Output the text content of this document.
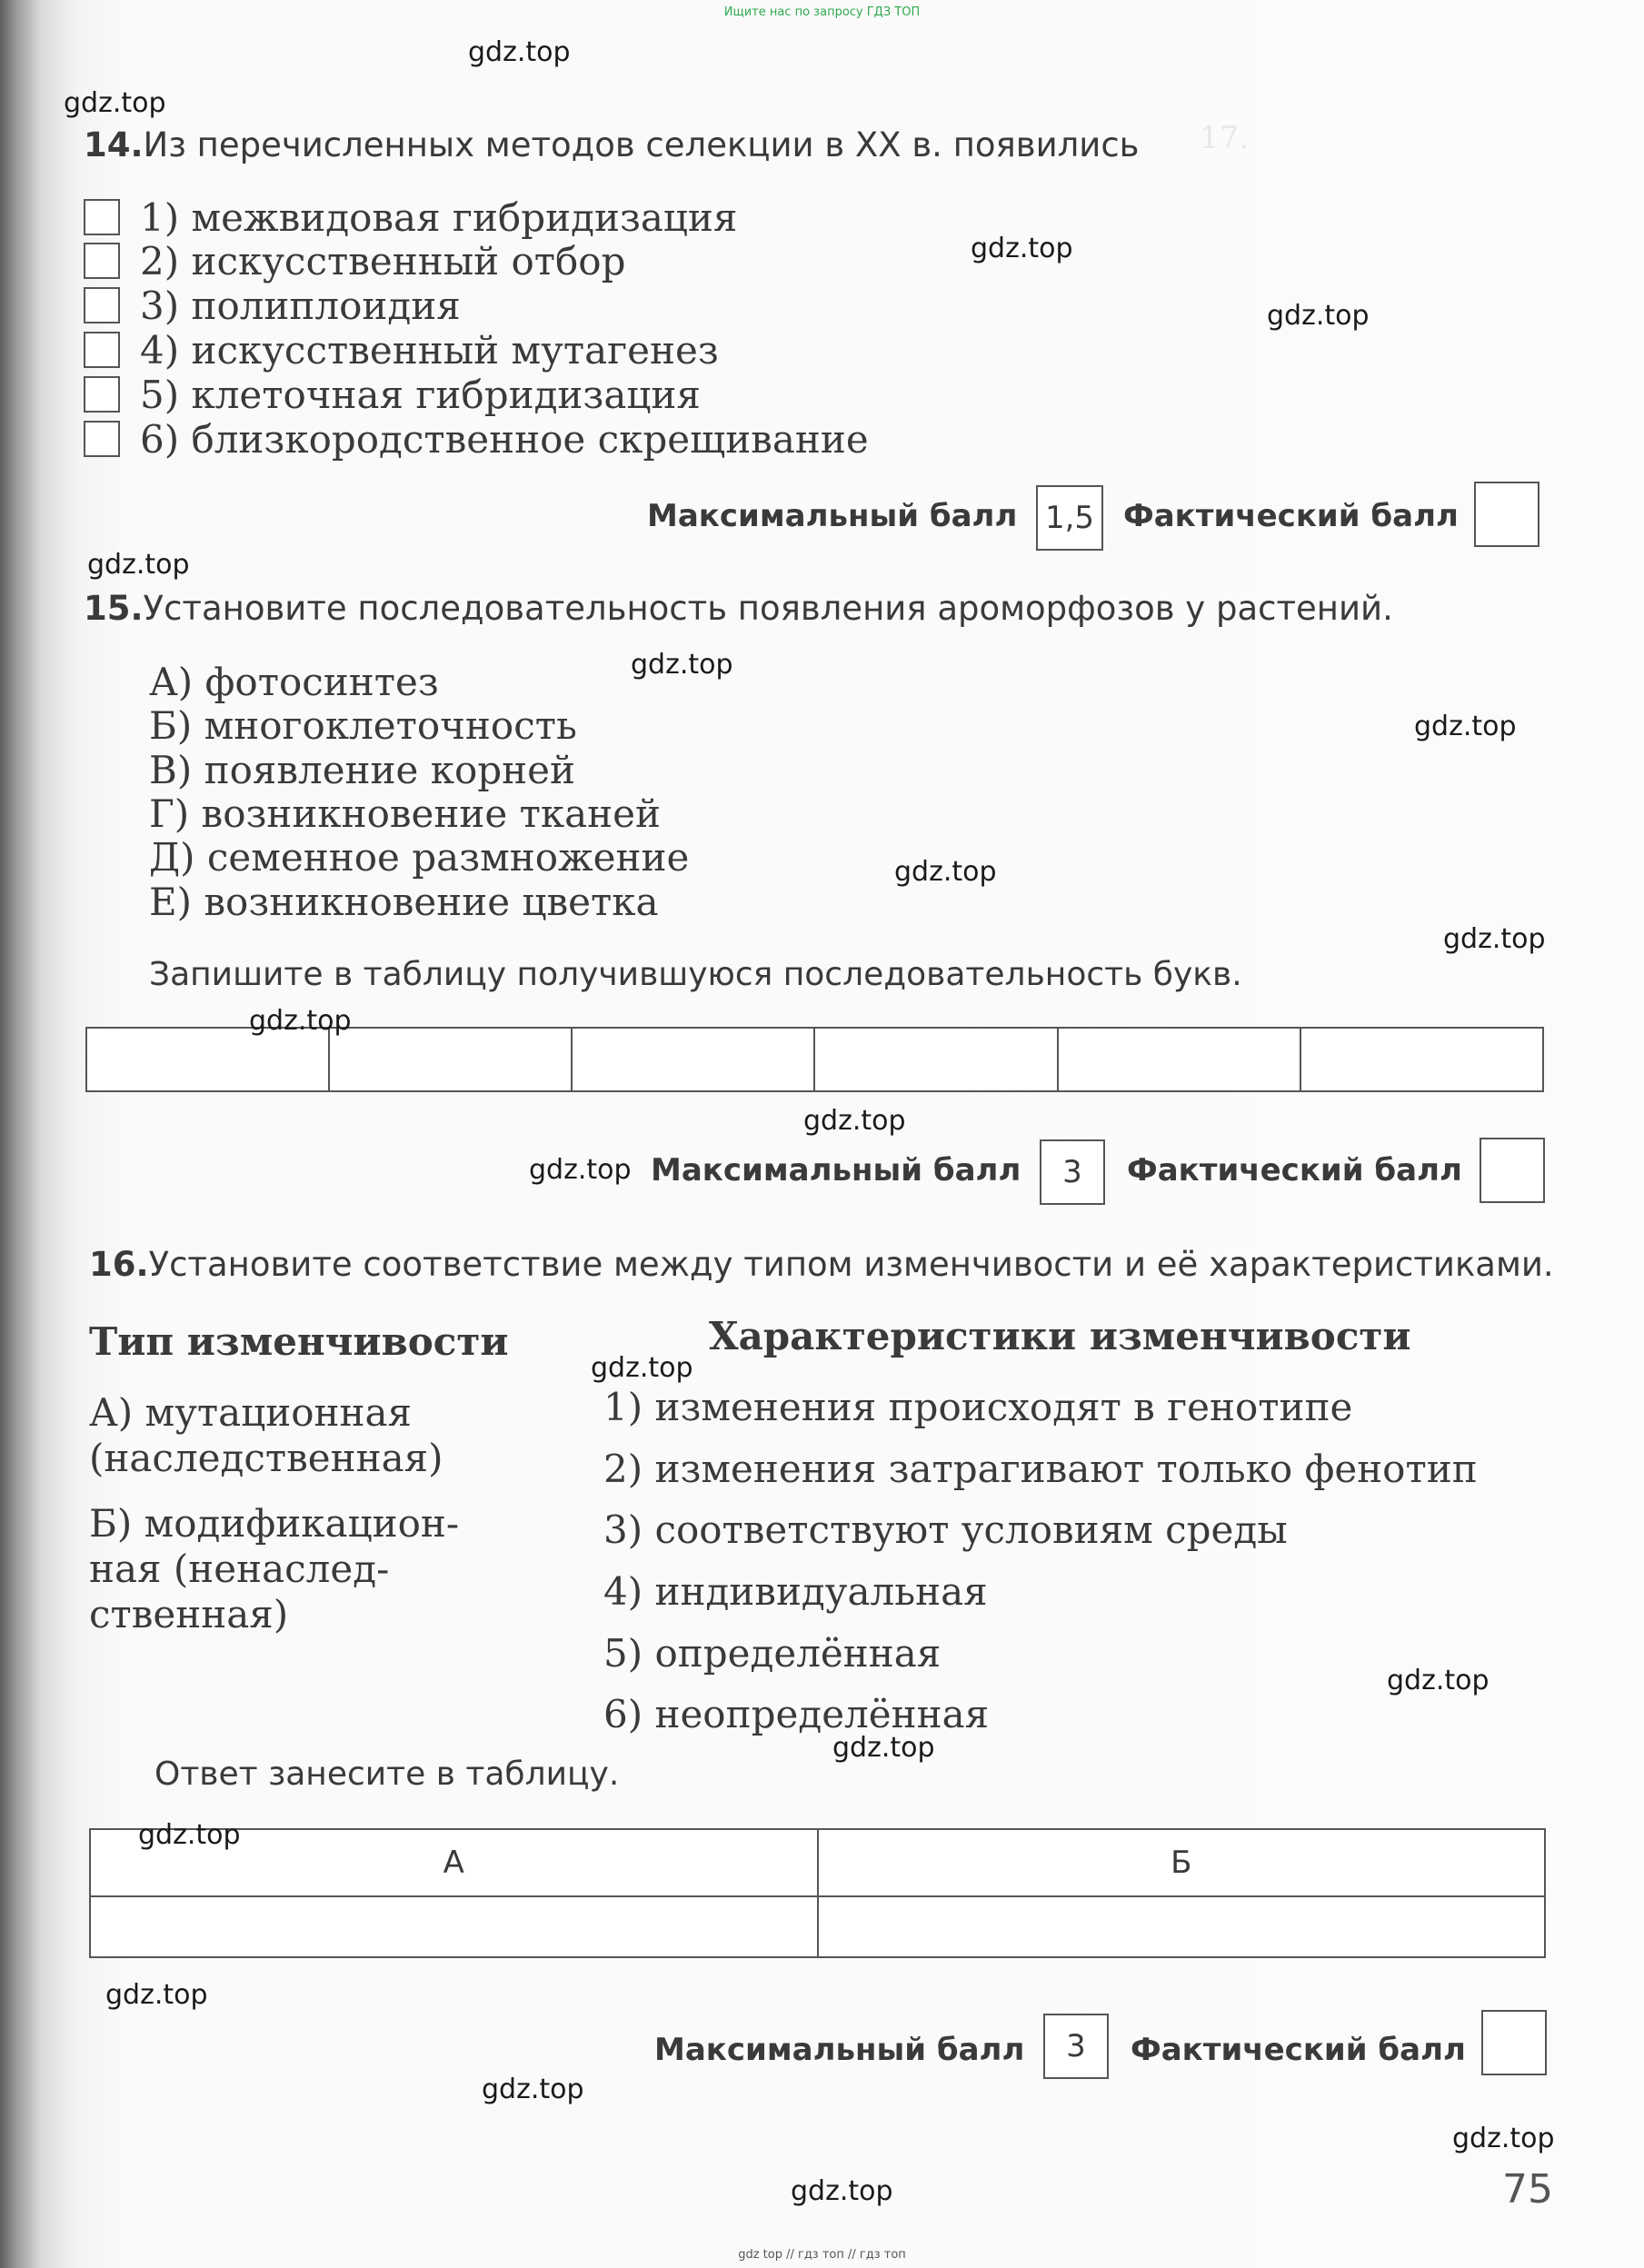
Ищите нас по запросу ГДЗ ТОП
17.
14.Из перечисленных методов селекции в XX в. появились
1) межвидовая гибридизация
2) искусственный отбор
3) полиплоидия
4) искусственный мутагенез
5) клеточная гибридизация
6) близкородственное скрещивание
Максимальный балл 1,5 Фактический балл
15.Установите последовательность появления ароморфозов у растений.
А) фотосинтез
Б) многоклеточность
В) появление корней
Г) возникновение тканей
Д) семенное размножение
Е) возникновение цветка
Запишите в таблицу получившуюся последовательность букв.

Максимальный балл	3	Фактический балл
16.Установите соответствие между типом изменчивости и её характеристиками.
Тип изменчивости	Характеристики изменчивости
А) мутационная
(наследственная)
Б) модификацион-
ная (ненаслед-
ственная)
1) изменения происходят в генотипе
2) изменения затрагивают только фенотип
3) соответствуют условиям среды
4) индивидуальная
5) определённая
6) неопределённая
Ответ занесите в таблицу.
А	Б

Максимальный балл	3	Фактический балл
gdz.top
gdz.top
gdz.top
gdz.top
gdz.top
gdz.top
gdz.top
gdz.top
gdz.top
gdz.top
gdz.top
gdz.top
gdz.top
gdz.top
gdz.top
gdz.top
gdz.top
gdz.top
gdz.top
gdz.top	75
gdz top // гдз топ // гдз топ
